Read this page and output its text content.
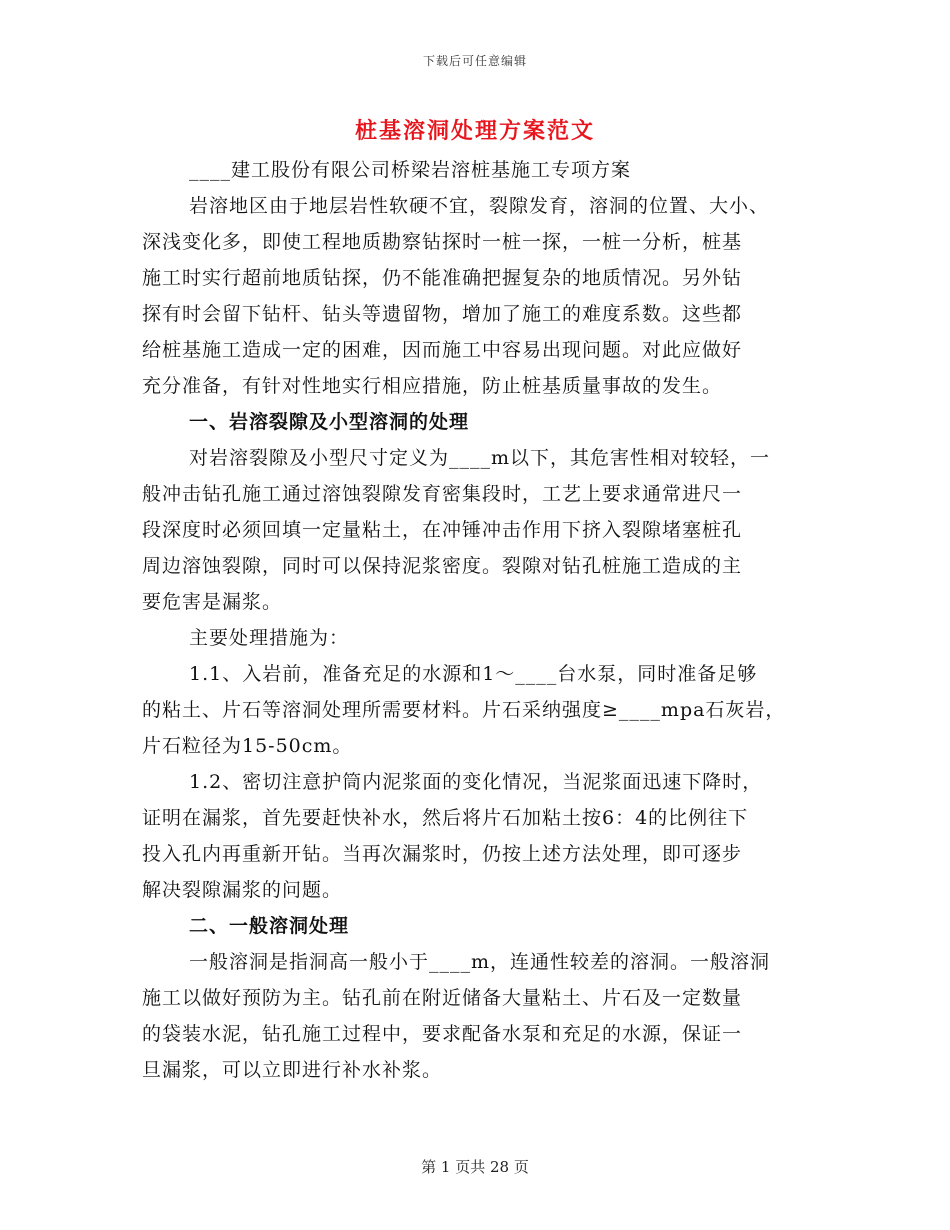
下载后可任意编辑
桩基溶洞处理方案范文

____建工股份有限公司桥梁岩溶桩基施工专项方案

岩溶地区由于地层岩性软硬不宜，裂隙发育，溶洞的位置、大小、

深浅变化多，即使工程地质勘察钻探时一桩一探，一桩一分析，桩基

施工时实行超前地质钻探，仍不能准确把握复杂的地质情况。另外钻

探有时会留下钻杆、钻头等遗留物，增加了施工的难度系数。这些都

给桩基施工造成一定的困难，因而施工中容易出现问题。对此应做好

充分准备，有针对性地实行相应措施，防止桩基质量事故的发生。

一、岩溶裂隙及小型溶洞的处理

对岩溶裂隙及小型尺寸定义为____m以下，其危害性相对较轻，一

般冲击钻孔施工通过溶蚀裂隙发育密集段时，工艺上要求通常进尺一

段深度时必须回填一定量粘土，在冲锤冲击作用下挤入裂隙堵塞桩孔

周边溶蚀裂隙，同时可以保持泥浆密度。裂隙对钻孔桩施工造成的主

要危害是漏浆。

主要处理措施为：

1.1、入岩前，准备充足的水源和1～____台水泵，同时准备足够

的粘土、片石等溶洞处理所需要材料。片石采纳强度≥____mpa石灰岩，

片石粒径为15-50cm。

1.2、密切注意护筒内泥浆面的变化情况，当泥浆面迅速下降时，

证明在漏浆，首先要赶快补水，然后将片石加粘土按6：4的比例往下

投入孔内再重新开钻。当再次漏浆时，仍按上述方法处理，即可逐步

解决裂隙漏浆的问题。

二、一般溶洞处理

一般溶洞是指洞高一般小于____m，连通性较差的溶洞。一般溶洞

施工以做好预防为主。钻孔前在附近储备大量粘土、片石及一定数量

的袋装水泥，钻孔施工过程中，要求配备水泵和充足的水源，保证一

旦漏浆，可以立即进行补水补浆。

第 1 页共 28 页
